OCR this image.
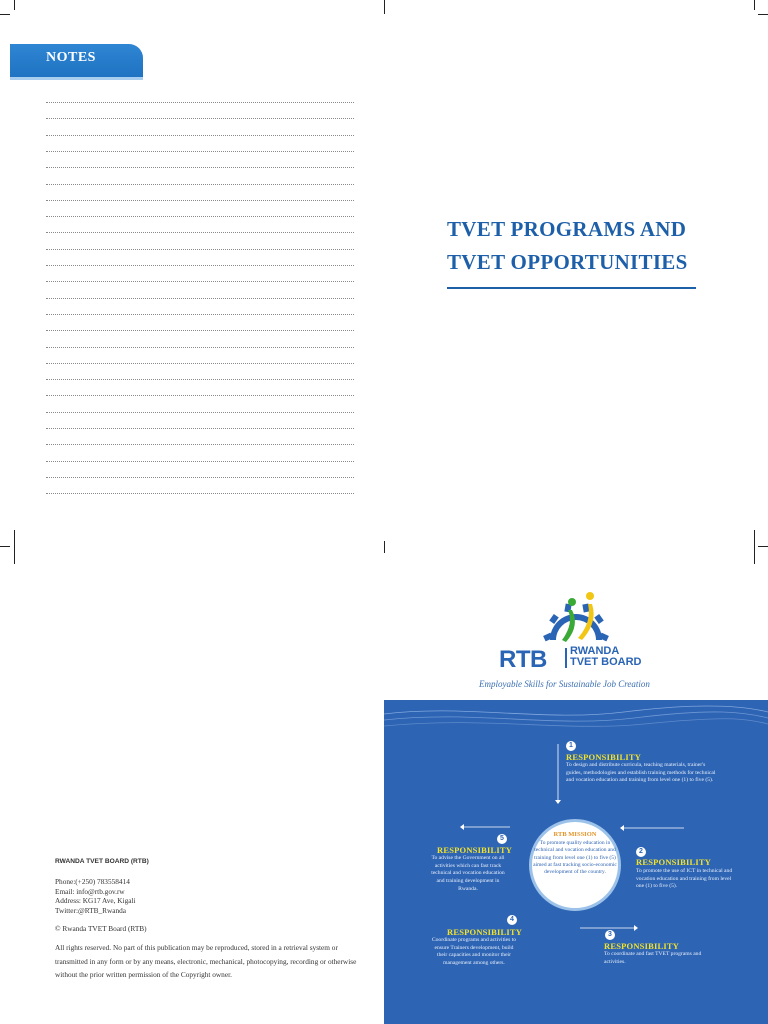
NOTES
TVET PROGRAMS AND
TVET OPPORTUNITIES
RWANDA TVET BOARD (RTB)
Phone:(+250) 783558414
Email: info@rtb.gov.rw
Address: KG17 Ave, Kigali
Twitter:@RTB_Rwanda
© Rwanda TVET Board (RTB)
All rights reserved. No part of this publication may be reproduced, stored in a retrieval system or transmitted in any form or by any means, electronic, mechanical, photocopying, recording or otherwise without the prior written permission of the Copyright owner.
RTB RWANDA
TVET BOARD
Employable Skills for Sustainable Job Creation
1
RESPONSIBILITY
To design and distribute curricula, teaching materials, trainer's guides, methodologies and establish training methods for technical and vocation education and training from level one (1) to five (5).
2
RESPONSIBILITY
To promote the use of ICT in technical and vocation education and training from level one (1) to five (5).
3
RESPONSIBILITY
To coordinate and fast TVET programs and activities.
4
RESPONSIBILITY
Coordinate programs and activities to ensure Trainers development, build their capacities and monitor their management among others.
5
RESPONSIBILITY
To advise the Government on all activities which can fast track technical and vocation education and training development in Rwanda.
RTB MISSION
To promote quality education in technical and vocation education and training from level one (1) to five (5) aimed at fast tracking socio-economic development of the country.
